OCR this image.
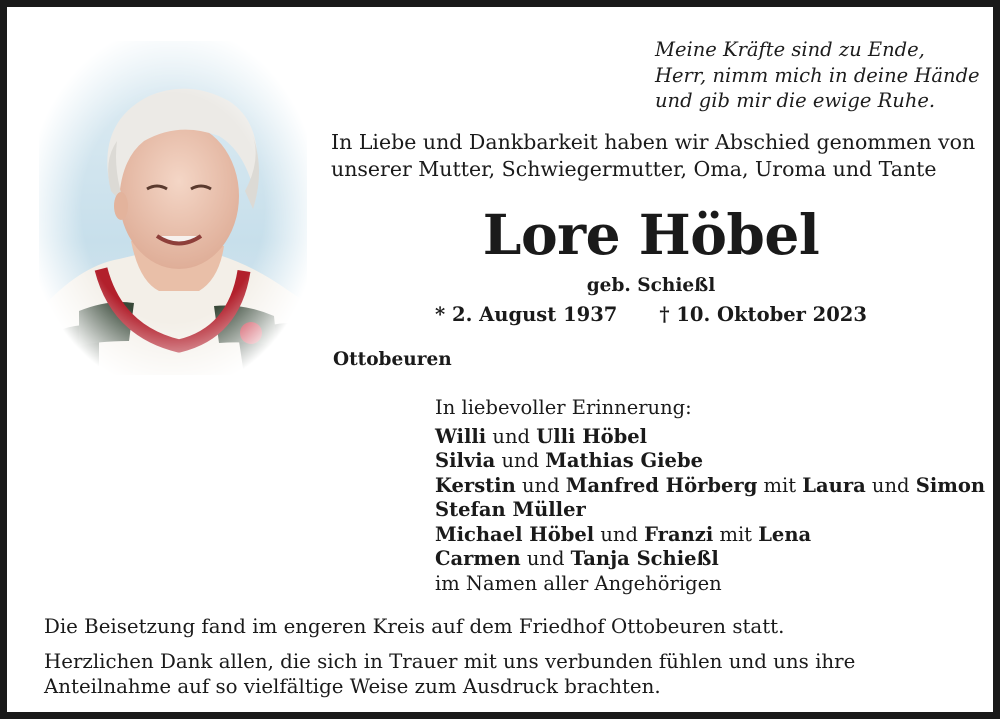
Meine Kräfte sind zu Ende,
Herr, nimm mich in deine Hände
und gib mir die ewige Ruhe.
In Liebe und Dankbarkeit haben wir Abschied genommen von
unserer Mutter, Schwiegermutter, Oma, Uroma und Tante
Lore Höbel
geb. Schießl
* 2. August 1937 † 10. Oktober 2023
Ottobeuren
In liebevoller Erinnerung:
Willi und Ulli Höbel
Silvia und Mathias Giebe
Kerstin und Manfred Hörberg mit Laura und Simon
Stefan Müller
Michael Höbel und Franzi mit Lena
Carmen und Tanja Schießl
im Namen aller Angehörigen
Die Beisetzung fand im engeren Kreis auf dem Friedhof Ottobeuren statt.
Herzlichen Dank allen, die sich in Trauer mit uns verbunden fühlen und uns ihre
Anteilnahme auf so vielfältige Weise zum Ausdruck brachten.
